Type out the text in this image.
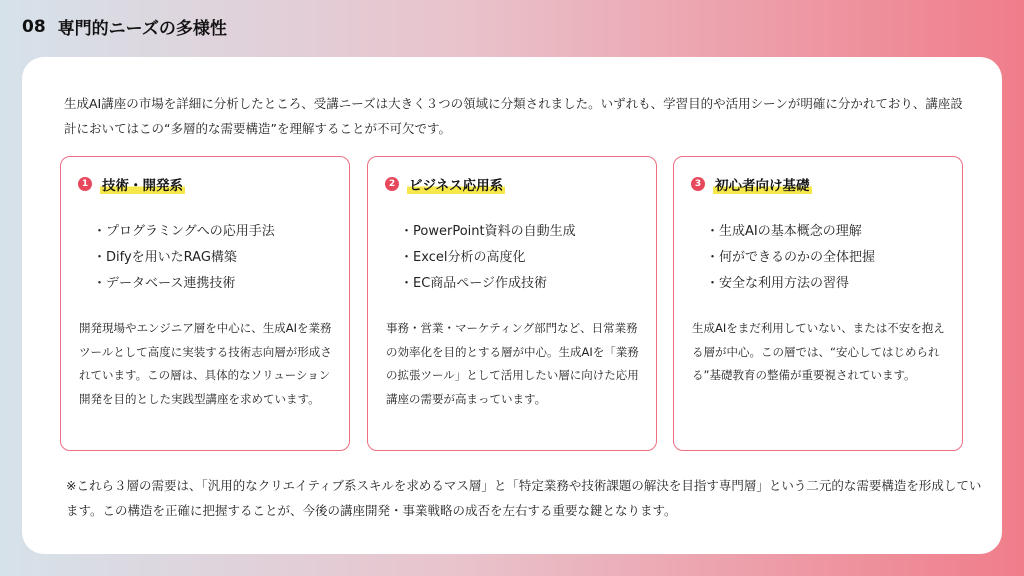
08 専門的ニーズの多様性

生成AI講座の市場を詳細に分析したところ、受講ニーズは大きく３つの領域に分類されました。いずれも、学習目的や活用シーンが明確に分かれており、講座設計においてはこの“多層的な需要構造”を理解することが不可欠です。

1 技術・開発系
・ プログラミングへの応用手法
・ Difyを用いたRAG構築
・ データベース連携技術

開発現場やエンジニア層を中心に、生成AIを業務ツールとして高度に実装する技術志向層が形成されています。この層は、具体的なソリューション開発を目的とした実践型講座を求めています。

2 ビジネス応用系
・ PowerPoint資料の自動生成
・ Excel分析の高度化
・ EC商品ページ作成技術

事務・営業・マーケティング部門など、日常業務の効率化を目的とする層が中心。生成AIを「業務の拡張ツール」として活用したい層に向けた応用講座の需要が高まっています。

3 初心者向け基礎
・ 生成AIの基本概念の理解
・ 何ができるのかの全体把握
・ 安全な利用方法の習得

生成AIをまだ利用していない、または不安を抱える層が中心。この層では、“安心してはじめられる”基礎教育の整備が重要視されています。

※これら３層の需要は、「汎用的なクリエイティブ系スキルを求めるマス層」と「特定業務や技術課題の解決を目指す専門層」という二元的な需要構造を形成しています。この構造を正確に把握することが、今後の講座開発・事業戦略の成否を左右する重要な鍵となります。
